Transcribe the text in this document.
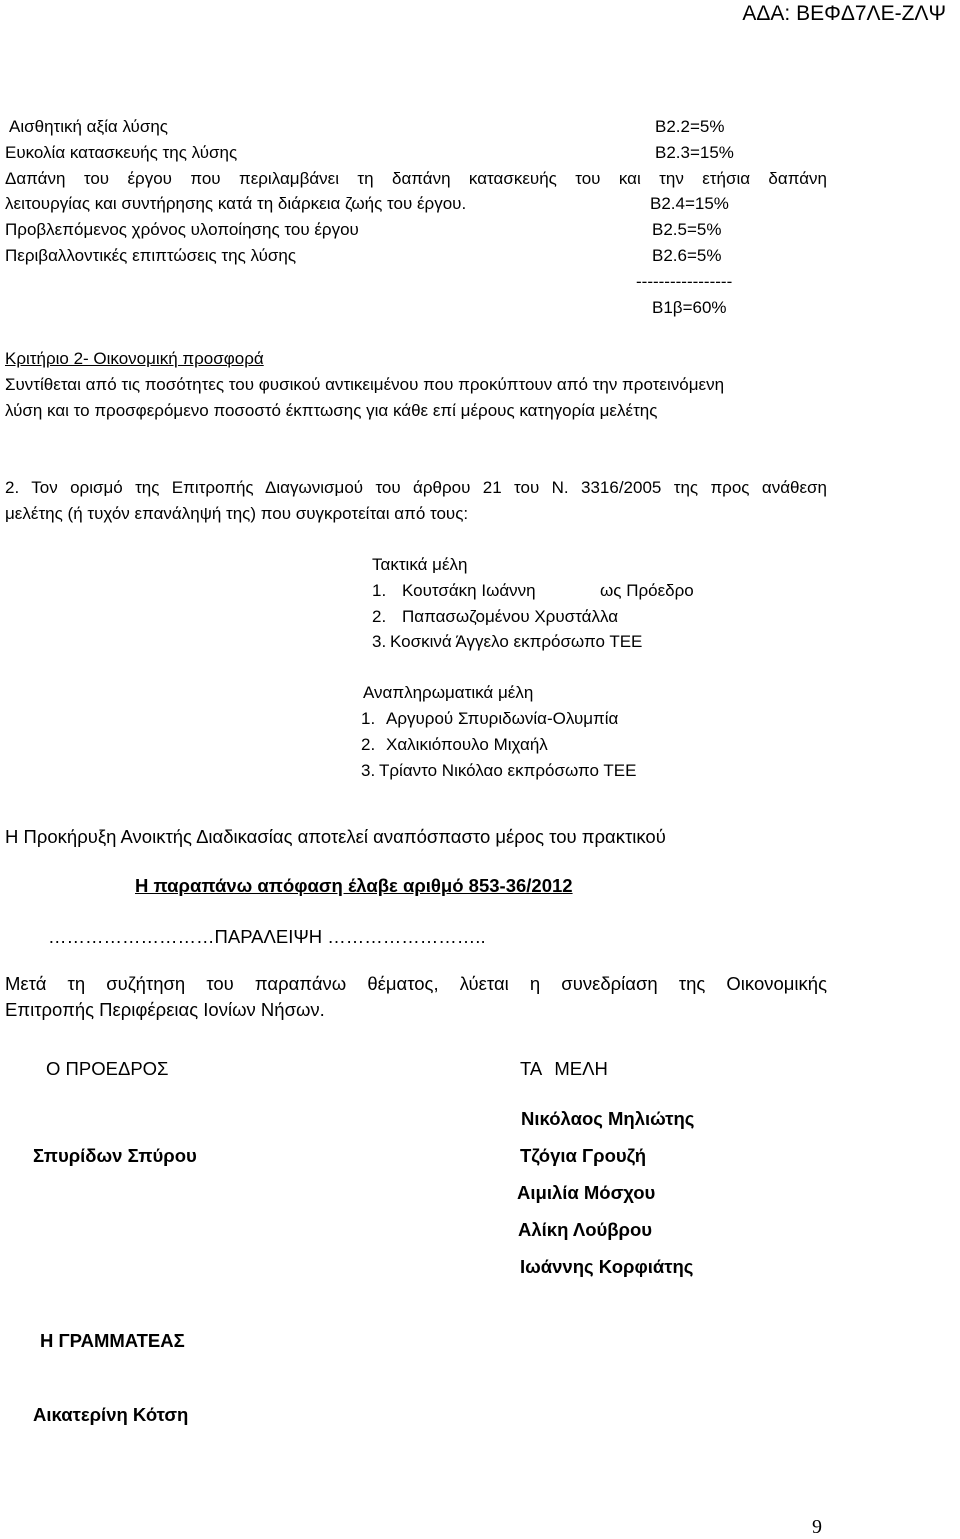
ΑΔΑ: ΒΕΦΔ7ΛΕ-ΖΛΨ
Αισθητική αξία λύσης	Β2.2=5%
Ευκολία κατασκευής της λύσης	Β2.3=15%
Δαπάνη του έργου που περιλαμβάνει τη δαπάνη κατασκευής του και την ετήσια δαπάνη
λειτουργίας και συντήρησης κατά τη διάρκεια ζωής του έργου.	Β2.4=15%
Προβλεπόμενος χρόνος υλοποίησης του έργου	Β2.5=5%
Περιβαλλοντικές επιπτώσεις της λύσης	Β2.6=5%
-----------------
Β1β=60%
Κριτήριο 2- Οικονομική προσφορά
Συντίθεται από τις ποσότητες του φυσικού αντικειμένου που προκύπτουν από την προτεινόμενη
λύση και το προσφερόμενο ποσοστό έκπτωσης για κάθε επί μέρους κατηγορία μελέτης
2. Τον ορισμό της Επιτροπής Διαγωνισμού του άρθρου 21 του Ν. 3316/2005 της προς ανάθεση
μελέτης (ή τυχόν επανάληψή της) που συγκροτείται από τους:
Τακτικά μέλη
1. Κουτσάκη Ιωάννη	ως Πρόεδρο
2. Παπασωζομένου Χρυστάλλα
3. Κοσκινά Άγγελο εκπρόσωπο ΤΕΕ
Αναπληρωματικά μέλη
1. Αργυρού Σπυριδωνία-Ολυμπία
2. Χαλικιόπουλο Μιχαήλ
3. Τρίαντο Νικόλαο εκπρόσωπο ΤΕΕ
Η Προκήρυξη Ανοικτής Διαδικασίας αποτελεί αναπόσπαστο μέρος του πρακτικού
Η παραπάνω απόφαση έλαβε αριθμό 853-36/2012
………………………ΠΑΡΑΛΕΙΨΗ ……………………..
Μετά τη συζήτηση του παραπάνω θέματος, λύεται η συνεδρίαση της Οικονομικής
Επιτροπής Περιφέρειας Ιονίων Νήσων.
Ο ΠΡΟΕΔΡΟΣ	ΤΑ ΜΕΛΗ
Νικόλαος Μηλιώτης
Σπυρίδων Σπύρου	Τζόγια Γρουζή
Αιμιλία Μόσχου
Αλίκη Λούβρου
Ιωάννης Κορφιάτης
Η ΓΡΑΜΜΑΤΕΑΣ
Αικατερίνη Κότση
9
